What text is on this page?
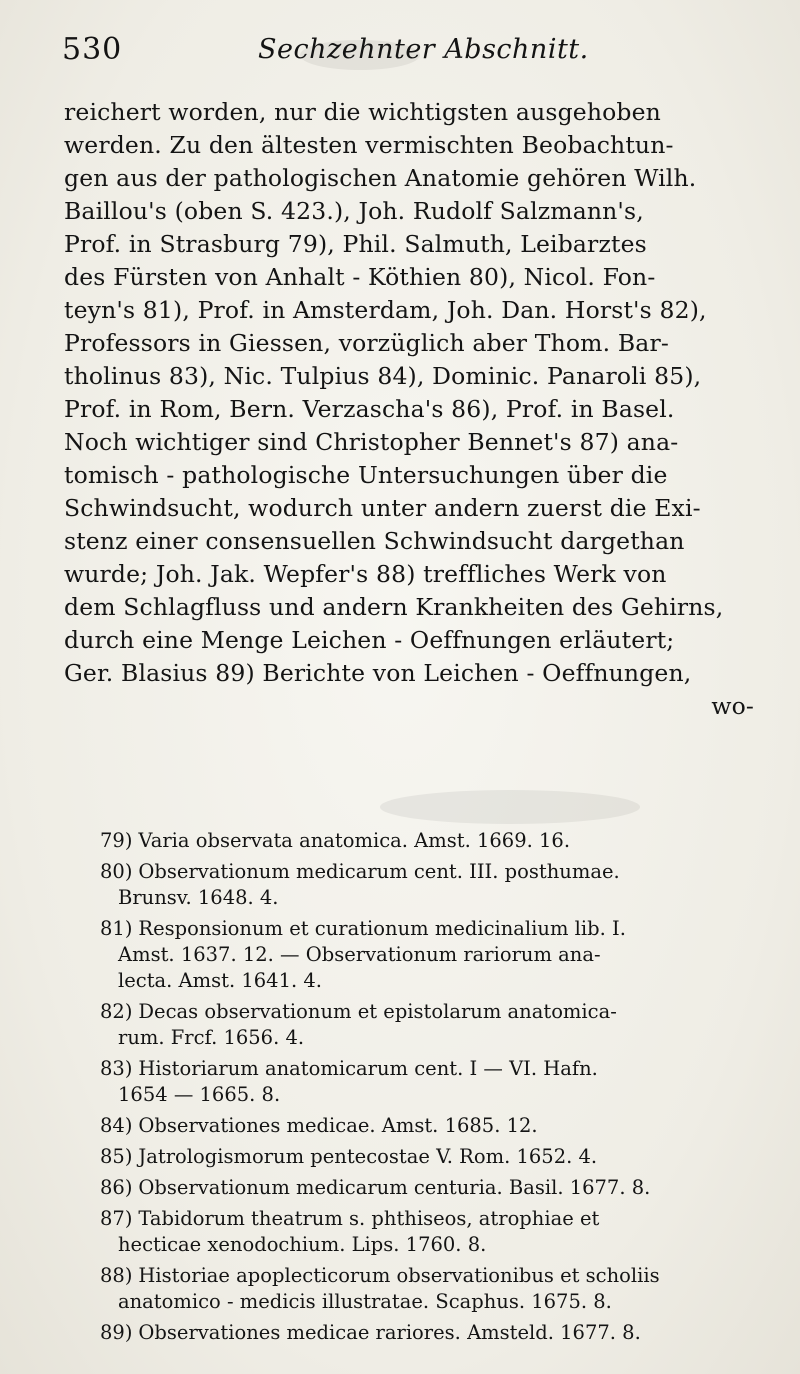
530	Sechzehnter Abschnitt.
reichert worden, nur die wichtigsten ausgehoben
werden. Zu den ältesten vermischten Beobachtun-
gen aus der pathologischen Anatomie gehören Wilh.
Baillou's (oben S. 423.), Joh. Rudolf Salzmann's,
Prof. in Strasburg 79), Phil. Salmuth, Leibarztes
des Fürsten von Anhalt - Köthien 80), Nicol. Fon-
teyn's 81), Prof. in Amsterdam, Joh. Dan. Horst's 82),
Professors in Giessen, vorzüglich aber Thom. Bar-
tholinus 83), Nic. Tulpius 84), Dominic. Panaroli 85),
Prof. in Rom, Bern. Verzascha's 86), Prof. in Basel.
Noch wichtiger sind Christopher Bennet's 87) ana-
tomisch - pathologische Untersuchungen über die
Schwindsucht, wodurch unter andern zuerst die Exi-
stenz einer consensuellen Schwindsucht dargethan
wurde; Joh. Jak. Wepfer's 88) treffliches Werk von
dem Schlagfluss und andern Krankheiten des Gehirns,
durch eine Menge Leichen - Oeffnungen erläutert;
Ger. Blasius 89) Berichte von Leichen - Oeffnungen,
wo-
79) Varia observata anatomica. Amst. 1669. 16.
80) Observationum medicarum cent. III. posthumae.
Brunsv. 1648. 4.
81) Responsionum et curationum medicinalium lib. I.
Amst. 1637. 12. — Observationum rariorum ana-
lecta. Amst. 1641. 4.
82) Decas observationum et epistolarum anatomica-
rum. Frcf. 1656. 4.
83) Historiarum anatomicarum cent. I — VI. Hafn.
1654 — 1665. 8.
84) Observationes medicae. Amst. 1685. 12.
85) Jatrologismorum pentecostae V. Rom. 1652. 4.
86) Observationum medicarum centuria. Basil. 1677. 8.
87) Tabidorum theatrum s. phthiseos, atrophiae et
hecticae xenodochium. Lips. 1760. 8.
88) Historiae apoplecticorum observationibus et scholiis
anatomico - medicis illustratae. Scaphus. 1675. 8.
89) Observationes medicae rariores. Amsteld. 1677. 8.
